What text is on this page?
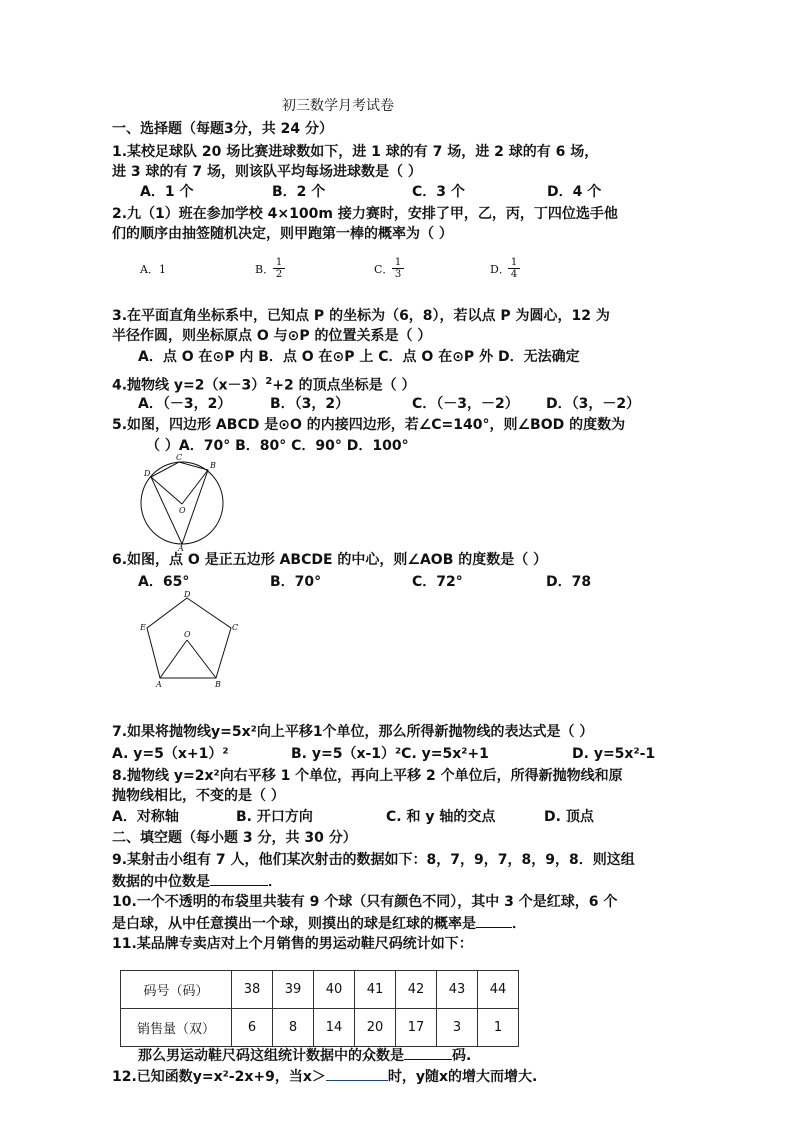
初三数学月考试卷
一、选择题（每题3分，共 24 分）
1.某校足球队 20 场比赛进球数如下，进 1 球的有 7 场，进 2 球的有 6 场，
进 3 球的有 7 场，则该队平均每场进球数是（ ）
A．1 个	B．2 个	C．3 个	D．4 个
2.九（1）班在参加学校 4×100m 接力赛时，安排了甲，乙，丙，丁四位选手他
们的顺序由抽签随机决定，则甲跑第一棒的概率为（ ）
A．1	B．
$\frac{1}{2}$	C．
$\frac{1}{3}$	D．
$\frac{1}{4}$
3.在平面直角坐标系中，已知点 P 的坐标为（6，8），若以点 P 为圆心，12 为
半径作圆，则坐标原点 O 与⊙P 的位置关系是（ ）
A．点 O 在⊙P 内 B．点 O 在⊙P 上 C．点 O 在⊙P 外 D．无法确定
4.抛物线 $y=2(x-3)^2+2$ 的顶点坐标是（ ）
A．（－3，2）	B．（3，2）	C．（－3，－2） D．（3，－2）
5.如图，四边形 ABCD 是⊙O 的内接四边形，若∠C=140°，则∠BOD 的度数为
（ ）A．70° B．80° C．90° D．100°
D
C
B
O
A
6.如图，点 O 是正五边形 ABCDE 的中心，则∠AOB 的度数是（ ）
A．65°	B．70°	C．72°	D．78
D
E	C
O
A	B
7.如果将抛物线y=5x²向上平移1个单位，那么所得新抛物线的表达式是（ ）
A. y=5（x+1）²	B. y=5（x-1）²C. y=5x²+1	D. y=5x²-1
8.抛物线 y=2x²向右平移 1 个单位，再向上平移 2 个单位后，所得新抛物线和原
抛物线相比，不变的是（ ）
A．对称轴	B. 开口方向	C. 和 y 轴的交点	D. 顶点
二、填空题（每小题 3 分，共 30 分）
9.某射击小组有 7 人，他们某次射击的数据如下：8，7，9，7，8，9，8．则这组
数据的中位数是	．
10.一个不透明的布袋里共装有 9 个球（只有颜色不同），其中 3 个是红球，6 个
是白球，从中任意摸出一个球，则摸出的球是红球的概率是	．
11.某品牌专卖店对上个月销售的男运动鞋尺码统计如下：
码号（码）	38	39	40	41	42	43	44
销售量（双）	6	8	14	20	17	3	1
那么男运动鞋尺码这组统计数据中的众数是	码.
12.已知函数y=x²-2x+9，当x＞	时，y随x的增大而增大.
